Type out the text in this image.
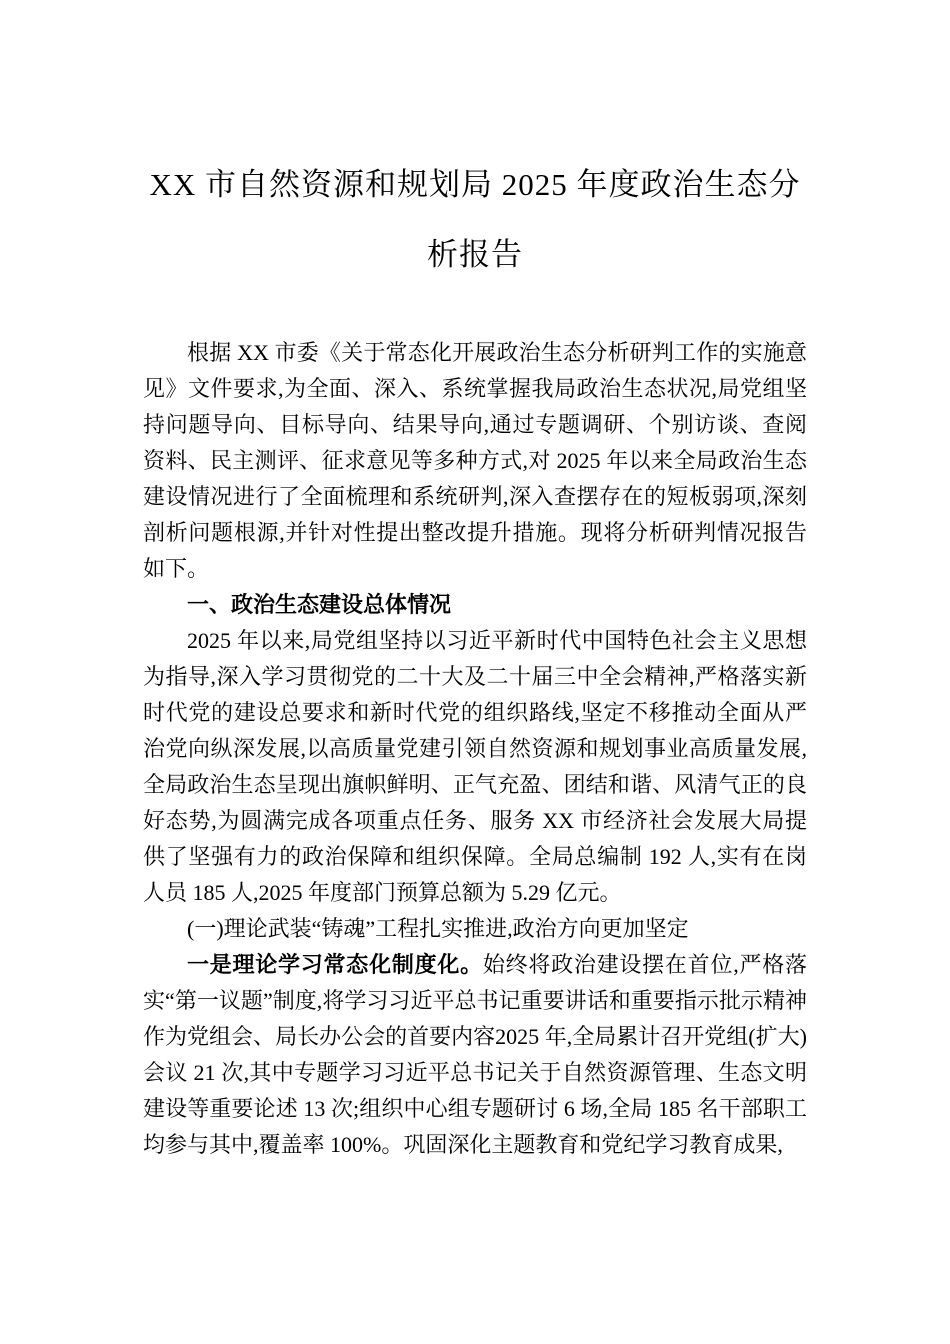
XX 市自然资源和规划局 2025 年度政治生态分析报告

根据 XX 市委《关于常态化开展政治生态分析研判工作的实施意见》文件要求,为全面、深入、系统掌握我局政治生态状况,局党组坚持问题导向、目标导向、结果导向,通过专题调研、个别访谈、查阅资料、民主测评、征求意见等多种方式,对 2025 年以来全局政治生态建设情况进行了全面梳理和系统研判,深入查摆存在的短板弱项,深刻剖析问题根源,并针对性提出整改提升措施。现将分析研判情况报告如下。

一、政治生态建设总体情况

2025 年以来,局党组坚持以习近平新时代中国特色社会主义思想为指导,深入学习贯彻党的二十大及二十届三中全会精神,严格落实新时代党的建设总要求和新时代党的组织路线,坚定不移推动全面从严治党向纵深发展,以高质量党建引领自然资源和规划事业高质量发展,全局政治生态呈现出旗帜鲜明、正气充盈、团结和谐、风清气正的良好态势,为圆满完成各项重点任务、服务 XX 市经济社会发展大局提供了坚强有力的政治保障和组织保障。全局总编制 192 人,实有在岗人员 185 人,2025 年度部门预算总额为 5.29 亿元。

(一)理论武装“铸魂”工程扎实推进,政治方向更加坚定

一是理论学习常态化制度化。始终将政治建设摆在首位,严格落实“第一议题”制度,将学习习近平总书记重要讲话和重要指示批示精神作为党组会、局长办公会的首要内容2025 年,全局累计召开党组(扩大)会议 21 次,其中专题学习习近平总书记关于自然资源管理、生态文明建设等重要论述 13 次;组织中心组专题研讨 6 场,全局 185 名干部职工均参与其中,覆盖率 100%。巩固深化主题教育和党纪学习教育成果,
